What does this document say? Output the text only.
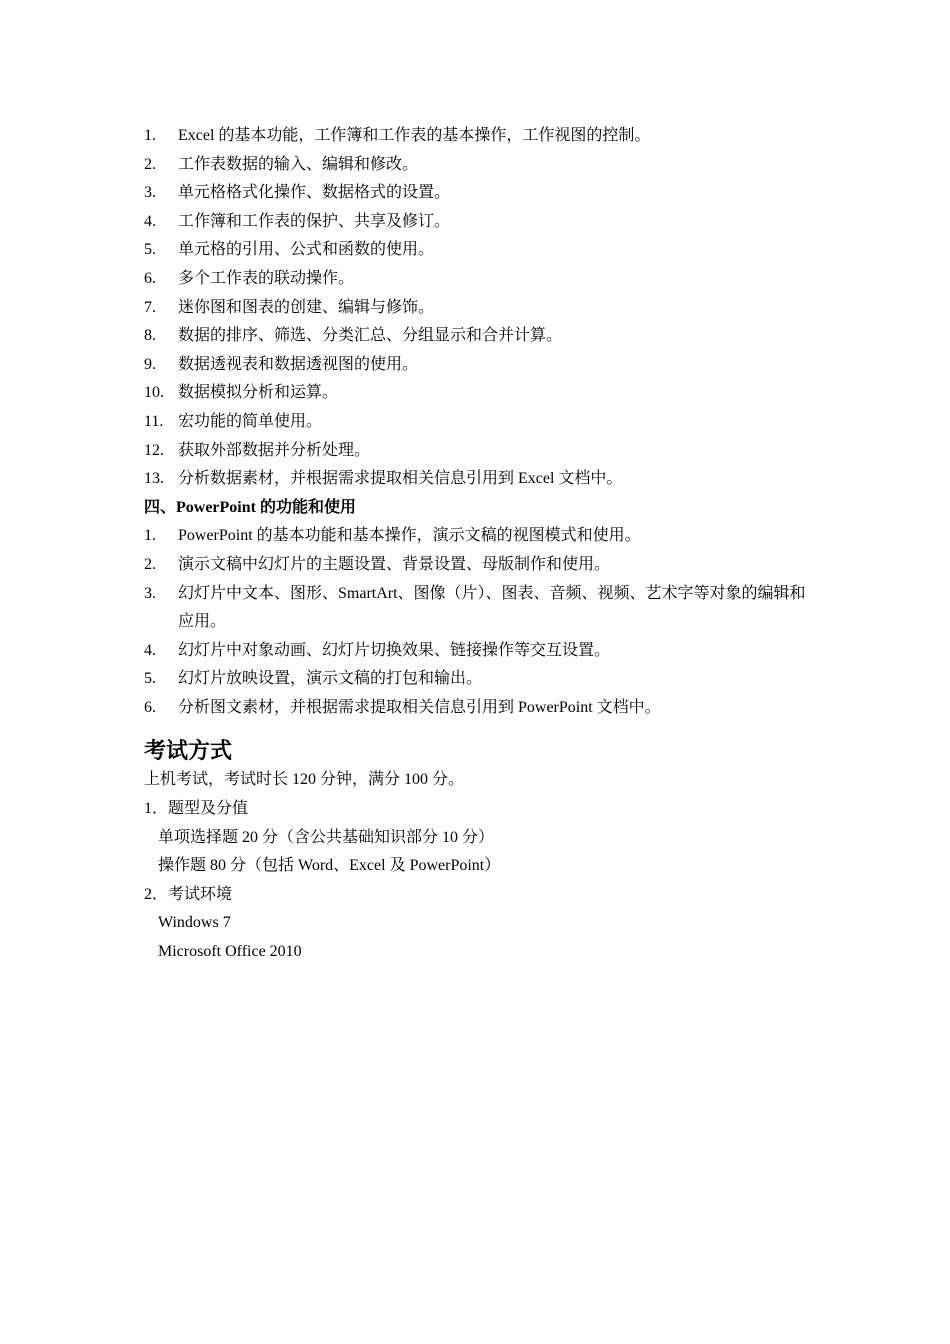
1.	Excel 的基本功能，工作簿和工作表的基本操作，工作视图的控制。
2.	工作表数据的输入、编辑和修改。
3.	单元格格式化操作、数据格式的设置。
4.	工作簿和工作表的保护、共享及修订。
5.	单元格的引用、公式和函数的使用。
6.	多个工作表的联动操作。
7.	迷你图和图表的创建、编辑与修饰。
8.	数据的排序、筛选、分类汇总、分组显示和合并计算。
9.	数据透视表和数据透视图的使用。
10. 数据模拟分析和运算。
11. 宏功能的简单使用。
12. 获取外部数据并分析处理。
13. 分析数据素材，并根据需求提取相关信息引用到 Excel 文档中。
四、PowerPoint 的功能和使用
1.	PowerPoint 的基本功能和基本操作，演示文稿的视图模式和使用。
2.	演示文稿中幻灯片的主题设置、背景设置、母版制作和使用。
3.	幻灯片中文本、图形、SmartArt、图像（片）、图表、音频、视频、艺术字等对象的编辑和应用。
4.	幻灯片中对象动画、幻灯片切换效果、链接操作等交互设置。
5.	幻灯片放映设置，演示文稿的打包和输出。
6.	分析图文素材，并根据需求提取相关信息引用到 PowerPoint 文档中。
考试方式
上机考试，考试时长 120 分钟，满分 100 分。
1．题型及分值
单项选择题 20 分（含公共基础知识部分 10 分）
操作题 80 分（包括 Word、Excel 及 PowerPoint）
2．考试环境
Windows 7
Microsoft Office 2010
